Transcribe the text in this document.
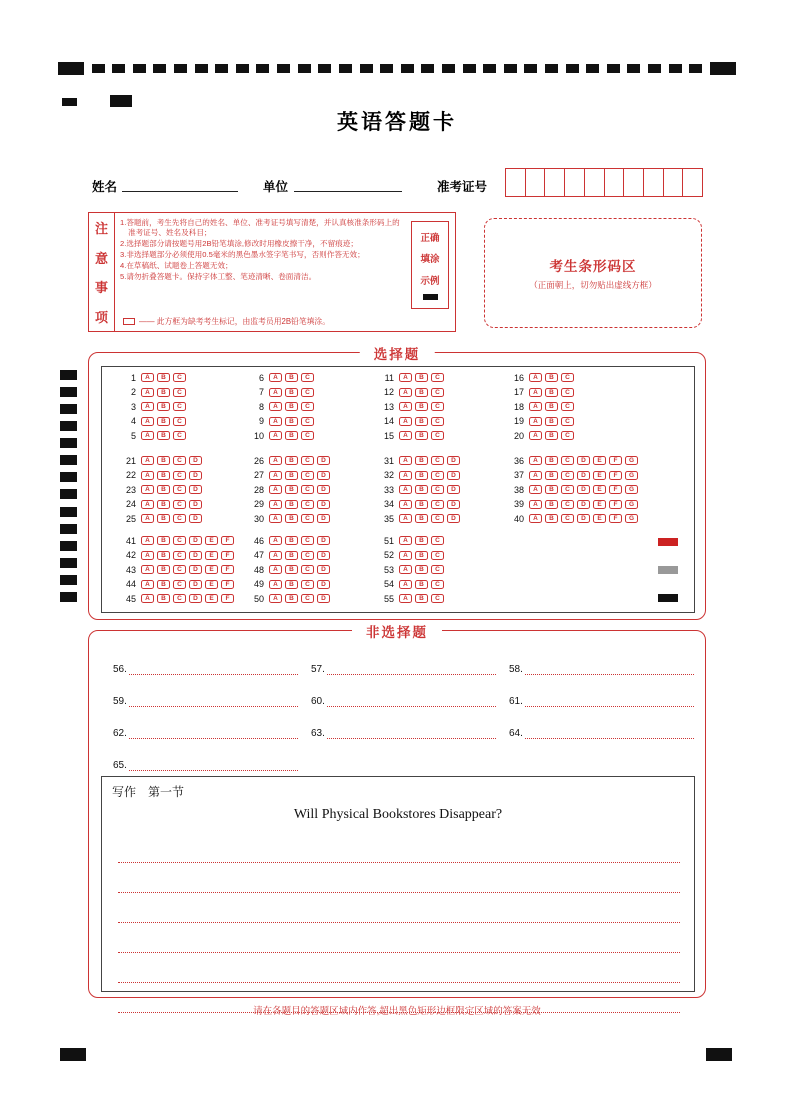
英语答题卡
姓名	单位	准考证号
注
意
事
项
1.答题前，考生先将自己的姓名、单位、准考证号填写清楚，并认真核准条形码上的准考证号、姓名及科目；
2.选择题部分请按题号用2B铅笔填涂,修改时用橡皮擦干净，不留痕迹；
3.非选择题部分必须使用0.5毫米的黑色墨水签字笔书写，否则作答无效；
4.在草稿纸、试题卷上答题无效；
5.请勿折叠答题卡。保持字体工整、笔迹清晰、卷面清洁。
正确
填涂
示例
—— 此方框为缺考考生标记，由监考员用2B铅笔填涂。
考生条形码区
（正面朝上，切勿贴出虚线方框）
选择题
1	A	B	C
2	A	B	C
3	A	B	C
4	A	B	C
5	A	B	C
6	A	B	C
7	A	B	C
8	A	B	C
9	A	B	C
10	A	B	C
11	A	B	C
12	A	B	C
13	A	B	C
14	A	B	C
15	A	B	C
16	A	B	C
17	A	B	C
18	A	B	C
19	A	B	C
20	A	B	C
21	A	B	C	D
22	A	B	C	D
23	A	B	C	D
24	A	B	C	D
25	A	B	C	D
26	A	B	C	D
27	A	B	C	D
28	A	B	C	D
29	A	B	C	D
30	A	B	C	D
31	A	B	C	D
32	A	B	C	D
33	A	B	C	D
34	A	B	C	D
35	A	B	C	D
36	A	B	C	D	E	F	G
37	A	B	C	D	E	F	G
38	A	B	C	D	E	F	G
39	A	B	C	D	E	F	G
40	A	B	C	D	E	F	G
41	A	B	C	D	E	F
42	A	B	C	D	E	F
43	A	B	C	D	E	F
44	A	B	C	D	E	F
45	A	B	C	D	E	F
46	A	B	C	D
47	A	B	C	D
48	A	B	C	D
49	A	B	C	D
50	A	B	C	D
51	A	B	C
52	A	B	C
53	A	B	C
54	A	B	C
55	A	B	C
非选择题
56.	57.	58.
59.	60.	61.
62.	63.	64.
65.
写作　第一节
Will Physical Bookstores Disappear?
请在各题目的答题区域内作答,超出黑色矩形边框限定区域的答案无效
